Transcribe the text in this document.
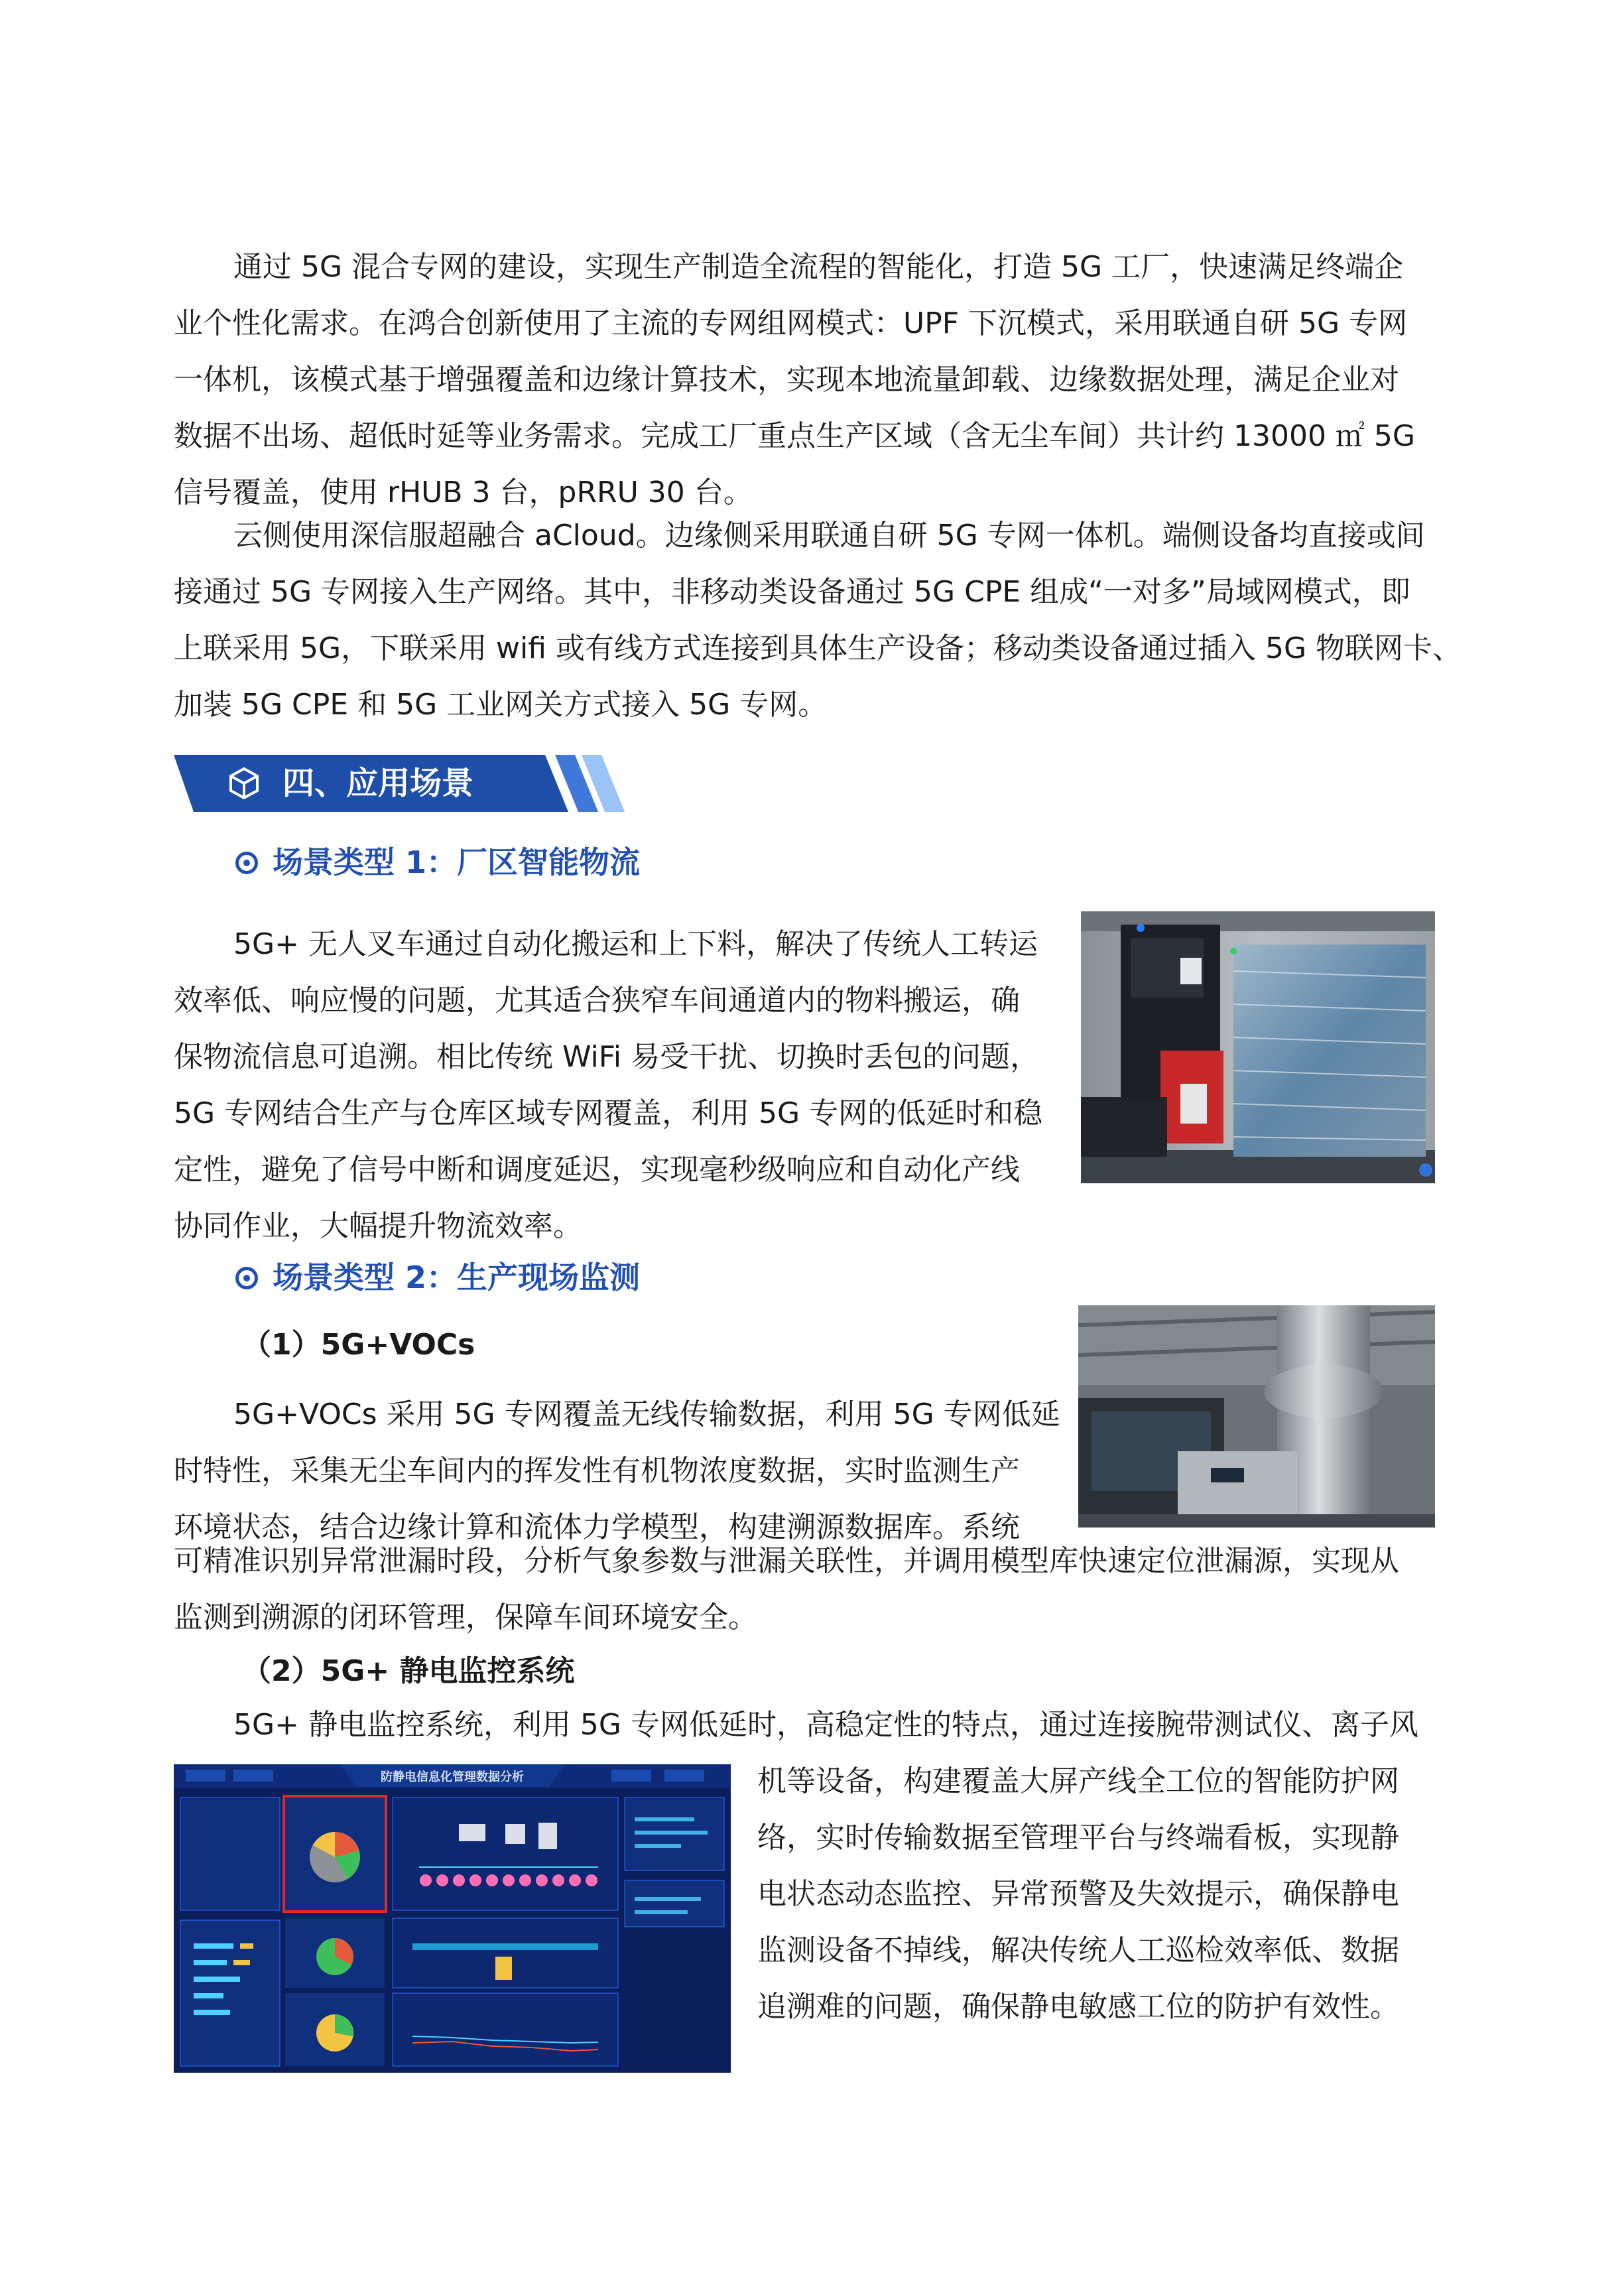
通过 5G 混合专网的建设，实现生产制造全流程的智能化，打造 5G 工厂，快速满足终端企
业个性化需求。在鸿合创新使用了主流的专网组网模式：UPF 下沉模式，采用联通自研 5G 专网
一体机，该模式基于增强覆盖和边缘计算技术，实现本地流量卸载、边缘数据处理，满足企业对
数据不出场、超低时延等业务需求。完成工厂重点生产区域（含无尘车间）共计约 13000 ㎡ 5G
信号覆盖，使用 rHUB 3 台，pRRU 30 台。
云侧使用深信服超融合 aCloud。边缘侧采用联通自研 5G 专网一体机。端侧设备均直接或间
接通过 5G 专网接入生产网络。其中，非移动类设备通过 5G CPE 组成“一对多”局域网模式，即
上联采用 5G，下联采用 wifi 或有线方式连接到具体生产设备；移动类设备通过插入 5G 物联网卡、
加装 5G CPE 和 5G 工业网关方式接入 5G 专网。
四、应用场景
场景类型 1：厂区智能物流
5G+ 无人叉车通过自动化搬运和上下料，解决了传统人工转运
效率低、响应慢的问题，尤其适合狭窄车间通道内的物料搬运，确
保物流信息可追溯。相比传统 WiFi 易受干扰、切换时丢包的问题，
5G 专网结合生产与仓库区域专网覆盖，利用 5G 专网的低延时和稳
定性，避免了信号中断和调度延迟，实现毫秒级响应和自动化产线
协同作业，大幅提升物流效率。
场景类型 2：生产现场监测
（1）5G+VOCs
5G+VOCs 采用 5G 专网覆盖无线传输数据，利用 5G 专网低延
时特性，采集无尘车间内的挥发性有机物浓度数据，实时监测生产
环境状态，结合边缘计算和流体力学模型，构建溯源数据库。系统
可精准识别异常泄漏时段，分析气象参数与泄漏关联性，并调用模型库快速定位泄漏源，实现从
监测到溯源的闭环管理，保障车间环境安全。
（2）5G+ 静电监控系统
5G+ 静电监控系统，利用 5G 专网低延时，高稳定性的特点，通过连接腕带测试仪、离子风
机等设备，构建覆盖大屏产线全工位的智能防护网
络，实时传输数据至管理平台与终端看板，实现静
电状态动态监控、异常预警及失效提示，确保静电
监测设备不掉线，解决传统人工巡检效率低、数据
追溯难的问题，确保静电敏感工位的防护有效性。
防静电信息化管理数据分析
